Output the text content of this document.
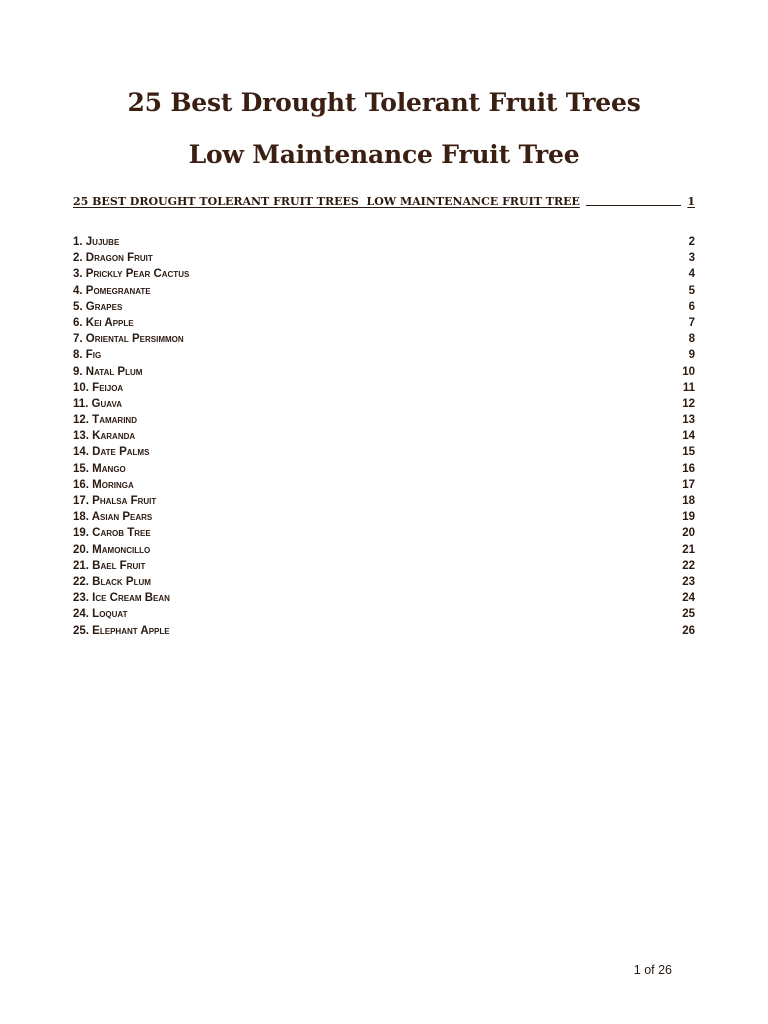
25 Best Drought Tolerant Fruit Trees
Low Maintenance Fruit Tree
25 BEST DROUGHT TOLERANT FRUIT TREES  LOW MAINTENANCE FRUIT TREE	1
1. Jujube	2
2. Dragon Fruit	3
3. Prickly Pear Cactus	4
4. Pomegranate	5
5. Grapes	6
6. Kei Apple	7
7. Oriental Persimmon	8
8. Fig	9
9. Natal Plum	10
10. Feijoa	11
11. Guava	12
12. Tamarind	13
13. Karanda	14
14. Date Palms	15
15. Mango	16
16. Moringa	17
17. Phalsa Fruit	18
18. Asian Pears	19
19. Carob Tree	20
20. Mamoncillo	21
21. Bael Fruit	22
22. Black Plum	23
23. Ice Cream Bean	24
24. Loquat	25
25. Elephant Apple	26
1 of 26
